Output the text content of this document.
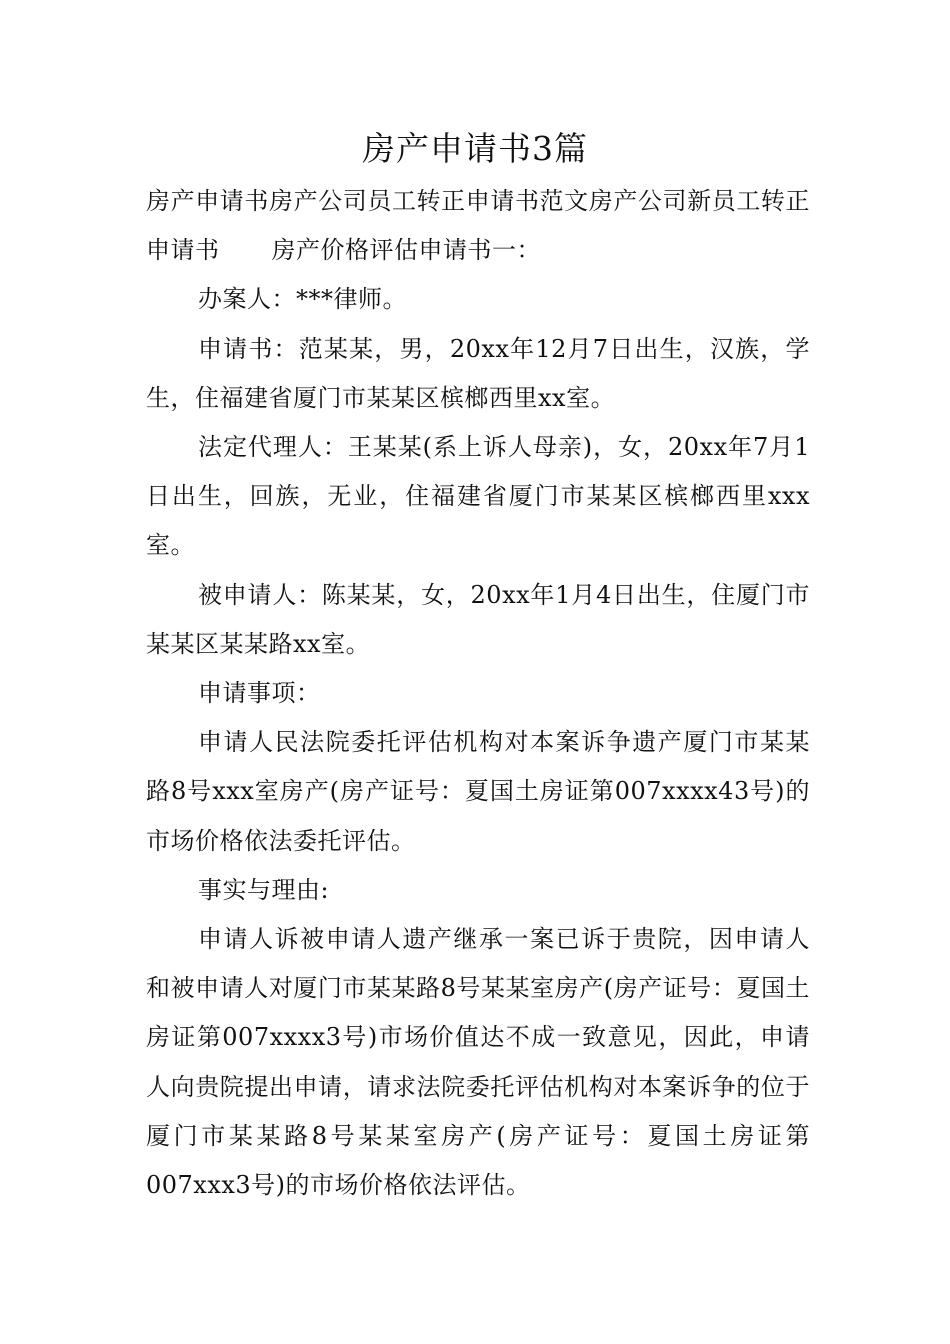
房产申请书3篇

房产申请书房产公司员工转正申请书范文房产公司新员工转正申请书 房产价格评估申请书一：

办案人：***律师。

申请书：范某某，男，20xx年12月7日出生，汉族，学生，住福建省厦门市某某区槟榔西里xx室。

法定代理人：王某某(系上诉人母亲)，女，20xx年7月1日出生，回族，无业，住福建省厦门市某某区槟榔西里xxx室。

被申请人：陈某某，女，20xx年1月4日出生，住厦门市某某区某某路xx室。

申请事项：

申请人民法院委托评估机构对本案诉争遗产厦门市某某路8号xxx室房产(房产证号：夏国土房证第007xxxx43号)的市场价格依法委托评估。

事实与理由:

申请人诉被申请人遗产继承一案已诉于贵院，因申请人和被申请人对厦门市某某路8号某某室房产(房产证号：夏国土房证第007xxxx3号)市场价值达不成一致意见，因此，申请人向贵院提出申请，请求法院委托评估机构对本案诉争的位于厦门市某某路8号某某室房产(房产证号：夏国土房证第007xxx3号)的市场价格依法评估。
